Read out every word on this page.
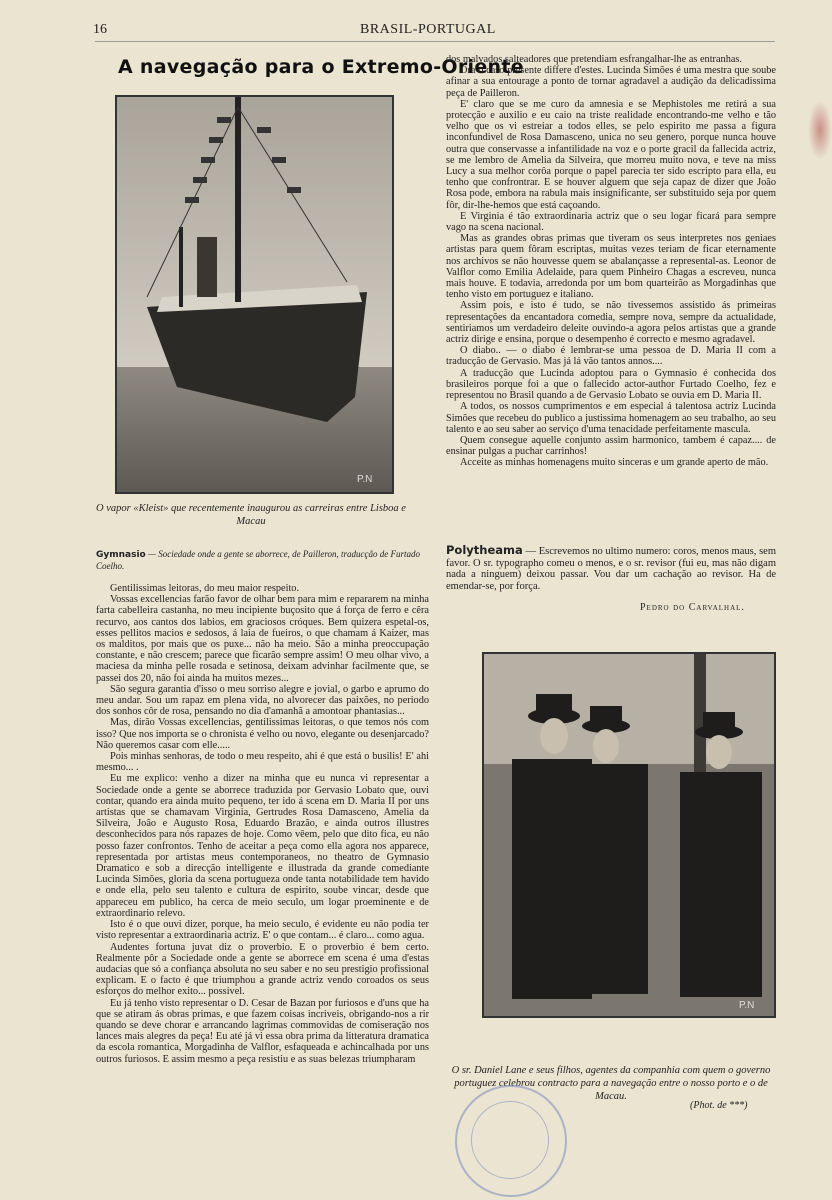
16	BRASIL-PORTUGAL
A navegação para o Extremo-Oriente
P.N
O vapor «Kleist» que recentemente inaugurou as carreiras entre Lisboa e Macau
Gymnasio — Sociedade onde a gente se aborrece, de Pailleron, traducção de Furtado Coelho.

Gentilissimas leitoras, do meu maior respeito.

Vossas excellencias farão favor de olhar bem para mim e repararem na minha farta cabelleira castanha, no meu incipiente buçosito que á força de ferro e cêra recurvo, aos cantos dos labios, em graciosos cróques. Bem quizera espetal-os, esses pellitos macios e sedosos, á laia de fueiros, o que chamam á Kaizer, mas os malditos, por mais que os puxe... não ha meio. São a minha preoccupação constante, e não crescem; parece que ficarão sempre assim! O meu olhar vivo, a maciesa da minha pelle rosada e setinosa, deixam advinhar facilmente que, se passei dos 20, não foi ainda ha muitos mezes...

São segura garantia d'isso o meu sorriso alegre e jovial, o garbo e aprumo do meu andar. Sou um rapaz em plena vida, no alvorecer das paixões, no periodo dos sonhos côr de rosa, pensando no dia d'amanhã a amontoar phantasias...

Mas, dirão Vossas excellencias, gentilissimas leitoras, o que temos nós com isso? Que nos importa se o chronista é velho ou novo, elegante ou desenjarcado? Não queremos casar com elle.....

Pois minhas senhoras, de todo o meu respeito, ahi é que está o busilis! E' ahi mesmo... .

Eu me explico: venho a dizer na minha que eu nunca vi representar a Sociedade onde a gente se aborrece traduzida por Gervasio Lobato que, ouvi contar, quando era ainda muito pequeno, ter ido á scena em D. Maria II por uns artistas que se chamavam Virginia, Gertrudes Rosa Damasceno, Amelia da Silveira, João e Augusto Rosa, Eduardo Brazão, e ainda outros illustres desconhecidos para nós rapazes de hoje. Como vêem, pelo que dito fica, eu não posso fazer confrontos. Tenho de aceitar a peça como ella agora nos apparece, representada por artistas meus contemporaneos, no theatro de Gymnasio Dramatico e sob a direcção intelligente e illustrada da grande comediante Lucinda Simões, gloria da scena portugueza onde tanta notabilidade tem havido e onde ella, pelo seu talento e cultura de espirito, soube vincar, desde que appareceu em publico, ha cerca de meio seculo, um logar proeminente e de extraordinario relevo.

Isto é o que ouvi dizer, porque, ha meio seculo, é evidente eu não podia ter visto representar a extraordinaria actriz. E' o que contam... é claro... como agua.

Audentes fortuna juvat diz o proverbio. E o proverbio é bem certo. Realmente pôr a Sociedade onde a gente se aborrece em scena é uma d'estas audacias que só a confiança absoluta no seu saber e no seu prestigio profissional explicam. E o facto é que triumphou a grande actriz vendo coroados os seus esforços do melhor exito... possivel.

Eu já tenho visto representar o D. Cesar de Bazan por furiosos e d'uns que ha que se atiram ás obras primas, e que fazem coisas incriveis, obrigando-nos a rir quando se deve chorar e arrancando lagrimas commovidas de comiseração nos lances mais alegres da peça! Eu até já vi essa obra prima da litteratura dramatica da escola romantica, Morgadinha de Valflor, esfaqueada e achincalhada por uns outros furiosos. E assim mesmo a peça resistiu e as suas belezas triumpharam

dos malvados salteadores que pretendiam esfrangalhar-lhe as entranhas.

Ora o caso presente differe d'estes. Lucinda Simões é uma mestra que soube afinar a sua entourage a ponto de tornar agradavel a audição da delicadissima peça de Pailleron.

E' claro que se me curo da amnesia e se Mephistoles me retirá a sua protecção e auxilio e eu caio na triste realidade encontrando-me velho e tão velho que os vi estreiar a todos elles, se pelo espirito me passa a figura inconfundivel de Rosa Damasceno, unica no seu genero, porque nunca houve outra que conservasse a infantilidade na voz e o porte gracil da fallecida actriz, se me lembro de Amelia da Silveira, que morreu muito nova, e teve na miss Lucy a sua melhor corôa porque o papel parecia ter sido escripto para ella, eu tenho que confrontrar. E se houver alguem que seja capaz de dizer que João Rosa pode, embora na rabula mais insignificante, ser substituido seja por quem fôr, dir-lhe-hemos que está caçoando.

E Virginia é tão extraordinaria actriz que o seu logar ficará para sempre vago na scena nacional.

Mas as grandes obras primas que tiveram os seus interpretes nos geniaes artistas para quem fôram escriptas, muitas vezes teriam de ficar eternamente nos archivos se não houvesse quem se abalançasse a represental-as. Leonor de Valflor como Emilia Adelaide, para quem Pinheiro Chagas a escreveu, nunca mais houve. E todavia, arredonda por um bom quarteirão as Morgadinhas que tenho visto em portuguez e italiano.

Assim pois, e isto é tudo, se não tivessemos assistido ás primeiras representações da encantadora comedia, sempre nova, sempre da actualidade, sentiriamos um verdadeiro deleite ouvindo-a agora pelos artistas que a grande actriz dirige e ensina, porque o desempenho é correcto e mesmo agradavel.

O diabo.. — o diabo é lembrar-se uma pessoa de D. Maria II com a traducção de Gervasio. Mas já lá vão tantos annos....

A traducção que Lucinda adoptou para o Gymnasio é conhecida dos brasileiros porque foi a que o fallecido actor-author Furtado Coelho, fez e representou no Brasil quando a de Gervasio Lobato se ouvia em D. Maria II.

A todos, os nossos cumprimentos e em especial á talentosa actriz Lucinda Simões que recebeu do publico a justissima homenagem ao seu trabalho, ao seu talento e ao seu saber ao serviço d'uma tenacidade perfeitamente mascula.

Quem consegue aquelle conjunto assim harmonico, tambem é capaz.... de ensinar pulgas a puchar carrinhos!

Acceite as minhas homenagens muito sinceras e um grande aperto de mão.

Polytheama — Escrevemos no ultimo numero: coros, menos maus, sem favor. O sr. typographo comeu o menos, e o sr. revisor (fui eu, mas não digam nada a ninguem) deixou passar. Vou dar um cachação ao revisor. Ha de emendar-se, por força.
Pedro do Carvalhal.
P.N
O sr. Daniel Lane e seus filhos, agentes da companhia com quem o governo portuguez celebrou contracto para a navegação entre o nosso porto e o de Macau.
(Phot. de ***)
